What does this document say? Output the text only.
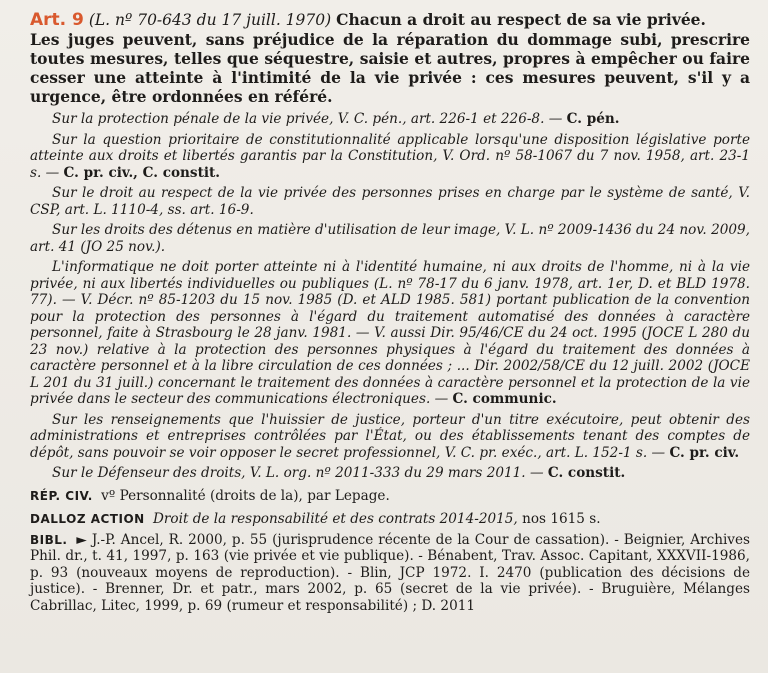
Art. 9 (L. nº 70-643 du 17 juill. 1970) Chacun a droit au respect de sa vie privée.
Les juges peuvent, sans préjudice de la réparation du dommage subi, prescrire toutes mesures, telles que séquestre, saisie et autres, propres à empêcher ou faire cesser une atteinte à l'intimité de la vie privée : ces mesures peuvent, s'il y a urgence, être ordonnées en référé.

Sur la protection pénale de la vie privée, V. C. pén., art. 226-1 et 226-8. — C. pén.

Sur la question prioritaire de constitutionnalité applicable lorsqu'une disposition législative porte atteinte aux droits et libertés garantis par la Constitution, V. Ord. nº 58-1067 du 7 nov. 1958, art. 23-1 s. — C. pr. civ., C. constit.

Sur le droit au respect de la vie privée des personnes prises en charge par le système de santé, V. CSP, art. L. 1110-4, ss. art. 16-9.

Sur les droits des détenus en matière d'utilisation de leur image, V. L. nº 2009-1436 du 24 nov. 2009, art. 41 (JO 25 nov.).

L'informatique ne doit porter atteinte ni à l'identité humaine, ni aux droits de l'homme, ni à la vie privée, ni aux libertés individuelles ou publiques (L. nº 78-17 du 6 janv. 1978, art. 1er, D. et BLD 1978. 77). — V. Décr. nº 85-1203 du 15 nov. 1985 (D. et ALD 1985. 581) portant publication de la convention pour la protection des personnes à l'égard du traitement automatisé des données à caractère personnel, faite à Strasbourg le 28 janv. 1981. — V. aussi Dir. 95/46/CE du 24 oct. 1995 (JOCE L 280 du 23 nov.) relative à la protection des personnes physiques à l'égard du traitement des données à caractère personnel et à la libre circulation de ces données ; ... Dir. 2002/58/CE du 12 juill. 2002 (JOCE L 201 du 31 juill.) concernant le traitement des données à caractère personnel et la protection de la vie privée dans le secteur des communications électroniques. — C. communic.

Sur les renseignements que l'huissier de justice, porteur d'un titre exécutoire, peut obtenir des administrations et entreprises contrôlées par l'État, ou des établissements tenant des comptes de dépôt, sans pouvoir se voir opposer le secret professionnel, V. C. pr. exéc., art. L. 152-1 s. — C. pr. civ.

Sur le Défenseur des droits, V. L. org. nº 2011-333 du 29 mars 2011. — C. constit.

RÉP. CIV. vº Personnalité (droits de la), par Lepage.

DALLOZ ACTION Droit de la responsabilité et des contrats 2014-2015, nos 1615 s.

BIBL. ► J.-P. Ancel, R. 2000, p. 55 (jurisprudence récente de la Cour de cassation). - Beignier, Archives Phil. dr., t. 41, 1997, p. 163 (vie privée et vie publique). - Bénabent, Trav. Assoc. Capitant, XXXVII-1986, p. 93 (nouveaux moyens de reproduction). - Blin, JCP 1972. I. 2470 (publication des décisions de justice). - Brenner, Dr. et patr., mars 2002, p. 65 (secret de la vie privée). - Bruguière, Mélanges Cabrillac, Litec, 1999, p. 69 (rumeur et responsabilité) ; D. 2011
